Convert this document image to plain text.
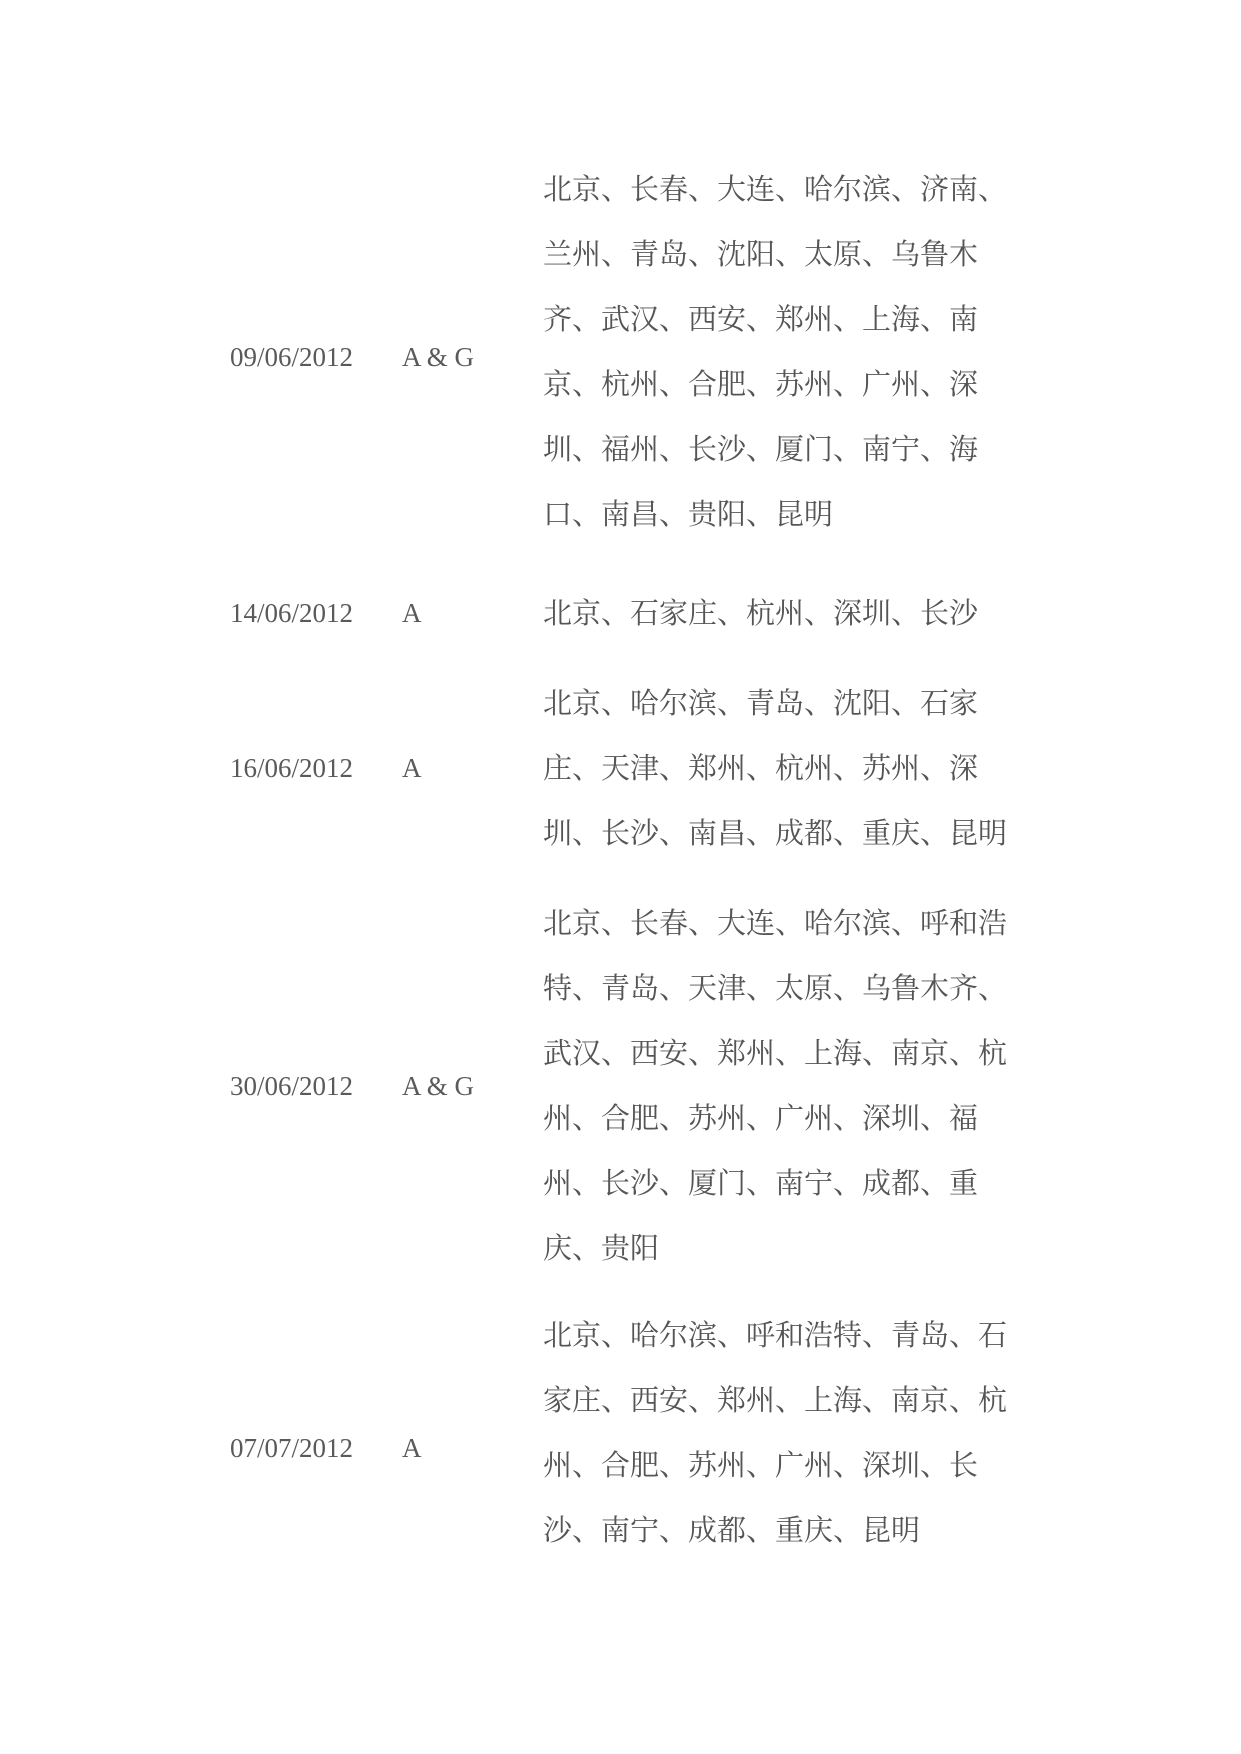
09/06/2012 A & G
北京、长春、大连、哈尔滨、济南、兰州、青岛、沈阳、太原、乌鲁木齐、武汉、西安、郑州、上海、南京、杭州、合肥、苏州、广州、深圳、福州、长沙、厦门、南宁、海口、南昌、贵阳、昆明
14/06/2012 A	北京、石家庄、杭州、深圳、长沙
16/06/2012 A
北京、哈尔滨、青岛、沈阳、石家庄、天津、郑州、杭州、苏州、深圳、长沙、南昌、成都、重庆、昆明
30/06/2012 A & G
北京、长春、大连、哈尔滨、呼和浩特、青岛、天津、太原、乌鲁木齐、武汉、西安、郑州、上海、南京、杭州、合肥、苏州、广州、深圳、福州、长沙、厦门、南宁、成都、重庆、贵阳
07/07/2012 A
北京、哈尔滨、呼和浩特、青岛、石家庄、西安、郑州、上海、南京、杭州、合肥、苏州、广州、深圳、长沙、南宁、成都、重庆、昆明
